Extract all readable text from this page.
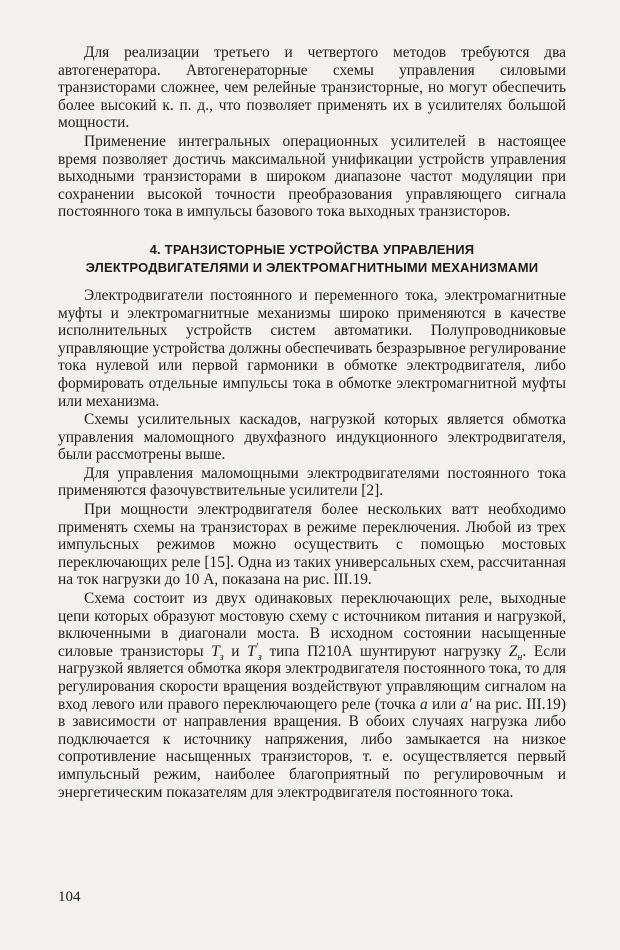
Для реализации третьего и четвертого методов требуются два автогенератора. Автогенераторные схемы управления силовыми транзисторами сложнее, чем релейные транзисторные, но могут обеспечить более высокий к. п. д., что позволяет применять их в усилителях большой мощности.

Применение интегральных операционных усилителей в настоящее время позволяет достичь максимальной унификации устройств управления выходными транзисторами в широком диапазоне частот модуляции при сохранении высокой точности преобразования управляющего сигнала постоянного тока в импульсы базового тока выходных транзисторов.

4. ТРАНЗИСТОРНЫЕ УСТРОЙСТВА УПРАВЛЕНИЯ
ЭЛЕКТРОДВИГАТЕЛЯМИ И ЭЛЕКТРОМАГНИТНЫМИ МЕХАНИЗМАМИ

Электродвигатели постоянного и переменного тока, электромагнитные муфты и электромагнитные механизмы широко применяются в качестве исполнительных устройств систем автоматики. Полупроводниковые управляющие устройства должны обеспечивать безразрывное регулирование тока нулевой или первой гармоники в обмотке электродвигателя, либо формировать отдельные импульсы тока в обмотке электромагнитной муфты или механизма.

Схемы усилительных каскадов, нагрузкой которых является обмотка управления маломощного двухфазного индукционного электродвигателя, были рассмотрены выше.

Для управления маломощными электродвигателями постоянного тока применяются фазочувствительные усилители [2].

При мощности электродвигателя более нескольких ватт необходимо применять схемы на транзисторах в режиме переключения. Любой из трех импульсных режимов можно осуществить с помощью мостовых переключающих реле [15]. Одна из таких универсальных схем, рассчитанная на ток нагрузки до 10 А, показана на рис. III.19.

Схема состоит из двух одинаковых переключающих реле, выходные цепи которых образуют мостовую схему с источником питания и нагрузкой, включенными в диагонали моста. В исходном состоянии насыщенные силовые транзисторы $T_з$ и $T'_з$ типа П210А шунтируют нагрузку $Z_н$. Если нагрузкой является обмотка якоря электродвигателя постоянного тока, то для регулирования скорости вращения воздействуют управляющим сигналом на вход левого или правого переключающего реле (точка a или a′ на рис. III.19) в зависимости от направления вращения. В обоих случаях нагрузка либо подключается к источнику напряжения, либо замыкается на низкое сопротивление насыщенных транзисторов, т. е. осуществляется первый импульсный режим, наиболее благоприятный по регулировочным и энергетическим показателям для электродвигателя постоянного тока.

104
